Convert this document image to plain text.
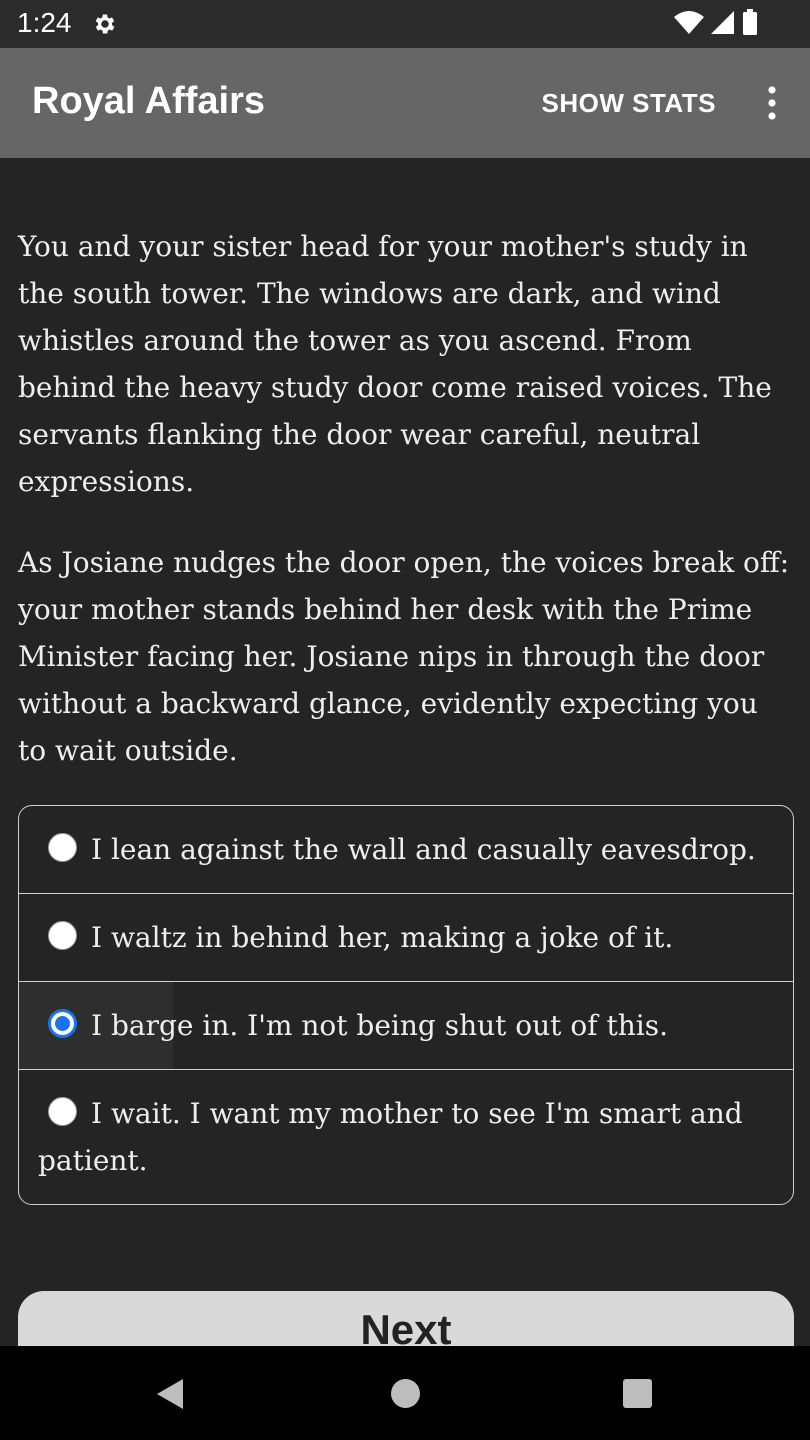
1:24
Royal Affairs	SHOW STATS

You and your sister head for your mother's study in the south tower. The windows are dark, and wind whistles around the tower as you ascend. From behind the heavy study door come raised voices. The servants flanking the door wear careful, neutral expressions.

As Josiane nudges the door open, the voices break off: your mother stands behind her desk with the Prime Minister facing her. Josiane nips in through the door without a backward glance, evidently expecting you to wait outside.

I lean against the wall and casually eavesdrop.
I waltz in behind her, making a joke of it.
I barge in. I'm not being shut out of this.
I wait. I want my mother to see I'm smart and patient.
Next
